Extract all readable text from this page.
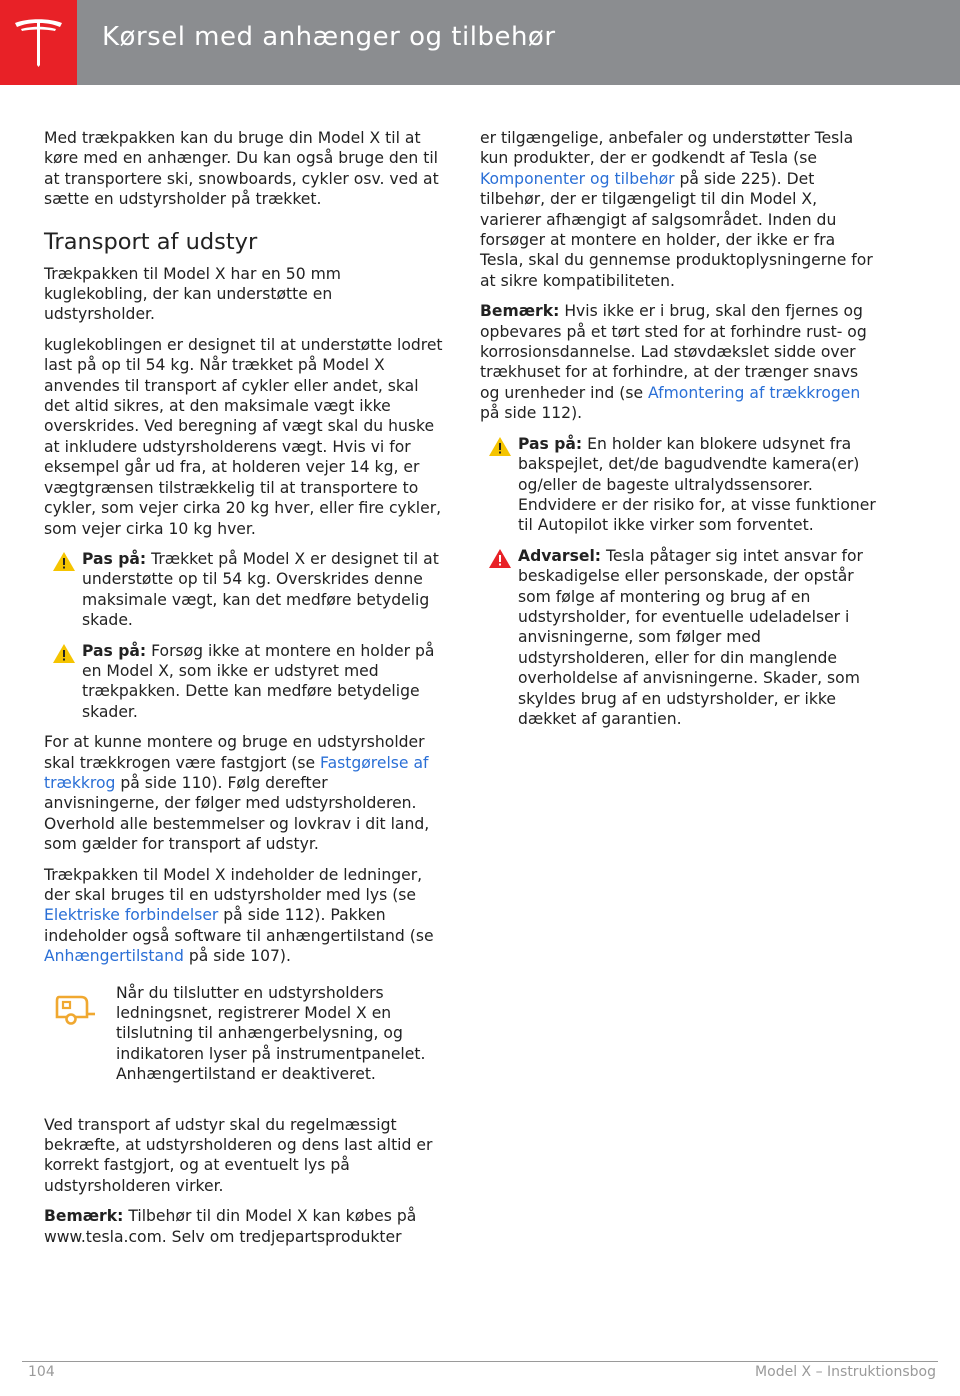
Kørsel med anhænger og tilbehør

Med trækpakken kan du bruge din Model X til at køre med en anhænger. Du kan også bruge den til at transportere ski, snowboards, cykler osv. ved at sætte en udstyrsholder på trækket.

Transport af udstyr

Trækpakken til Model X har en 50 mm kuglekobling, der kan understøtte en udstyrsholder.

kuglekoblingen er designet til at understøtte lodret last på op til 54 kg. Når trækket på Model X anvendes til transport af cykler eller andet, skal det altid sikres, at den maksimale vægt ikke overskrides. Ved beregning af vægt skal du huske at inkludere udstyrsholderens vægt. Hvis vi for eksempel går ud fra, at holderen vejer 14 kg, er vægtgrænsen tilstrækkelig til at transportere to cykler, som vejer cirka 20 kg hver, eller fire cykler, som vejer cirka 10 kg hver.

Pas på: Trækket på Model X er designet til at understøtte op til 54 kg. Overskrides denne maksimale vægt, kan det medføre betydelig skade.
Pas på: Forsøg ikke at montere en holder på en Model X, som ikke er udstyret med trækpakken. Dette kan medføre betydelige skader.

For at kunne montere og bruge en udstyrsholder skal trækkrogen være fastgjort (se Fastgørelse af trækkrog på side 110). Følg derefter anvisningerne, der følger med udstyrsholderen. Overhold alle bestemmelser og lovkrav i dit land, som gælder for transport af udstyr.

Trækpakken til Model X indeholder de ledninger, der skal bruges til en udstyrsholder med lys (se Elektriske forbindelser på side 112). Pakken indeholder også software til anhængertilstand (se Anhængertilstand på side 107).

Når du tilslutter en udstyrsholders ledningsnet, registrerer Model X en tilslutning til anhængerbelysning, og indikatoren lyser på instrumentpanelet.
Anhængertilstand er deaktiveret.

Ved transport af udstyr skal du regelmæssigt bekræfte, at udstyrsholderen og dens last altid er korrekt fastgjort, og at eventuelt lys på udstyrsholderen virker.

Bemærk: Tilbehør til din Model X kan købes på www.tesla.com. Selv om tredjepartsprodukter

er tilgængelige, anbefaler og understøtter Tesla kun produkter, der er godkendt af Tesla (se Komponenter og tilbehør på side 225). Det tilbehør, der er tilgængeligt til din Model X, varierer afhængigt af salgsområdet. Inden du forsøger at montere en holder, der ikke er fra Tesla, skal du gennemse produktoplysningerne for at sikre kompatibiliteten.

Bemærk: Hvis ikke er i brug, skal den fjernes og opbevares på et tørt sted for at forhindre rust- og korrosionsdannelse. Lad støvdækslet sidde over trækhuset for at forhindre, at der trænger snavs og urenheder ind (se Afmontering af trækkrogen på side 112).

Pas på: En holder kan blokere udsynet fra bakspejlet, det/de bagudvendte kamera(er) og/eller de bageste ultralydssensorer. Endvidere er der risiko for, at visse funktioner til Autopilot ikke virker som forventet.
Advarsel: Tesla påtager sig intet ansvar for beskadigelse eller personskade, der opstår som følge af montering og brug af en udstyrsholder, for eventuelle udeladelser i anvisningerne, som følger med udstyrsholderen, eller for din manglende overholdelse af anvisningerne. Skader, som skyldes brug af en udstyrsholder, er ikke dækket af garantien.
104	Model X – Instruktionsbog
